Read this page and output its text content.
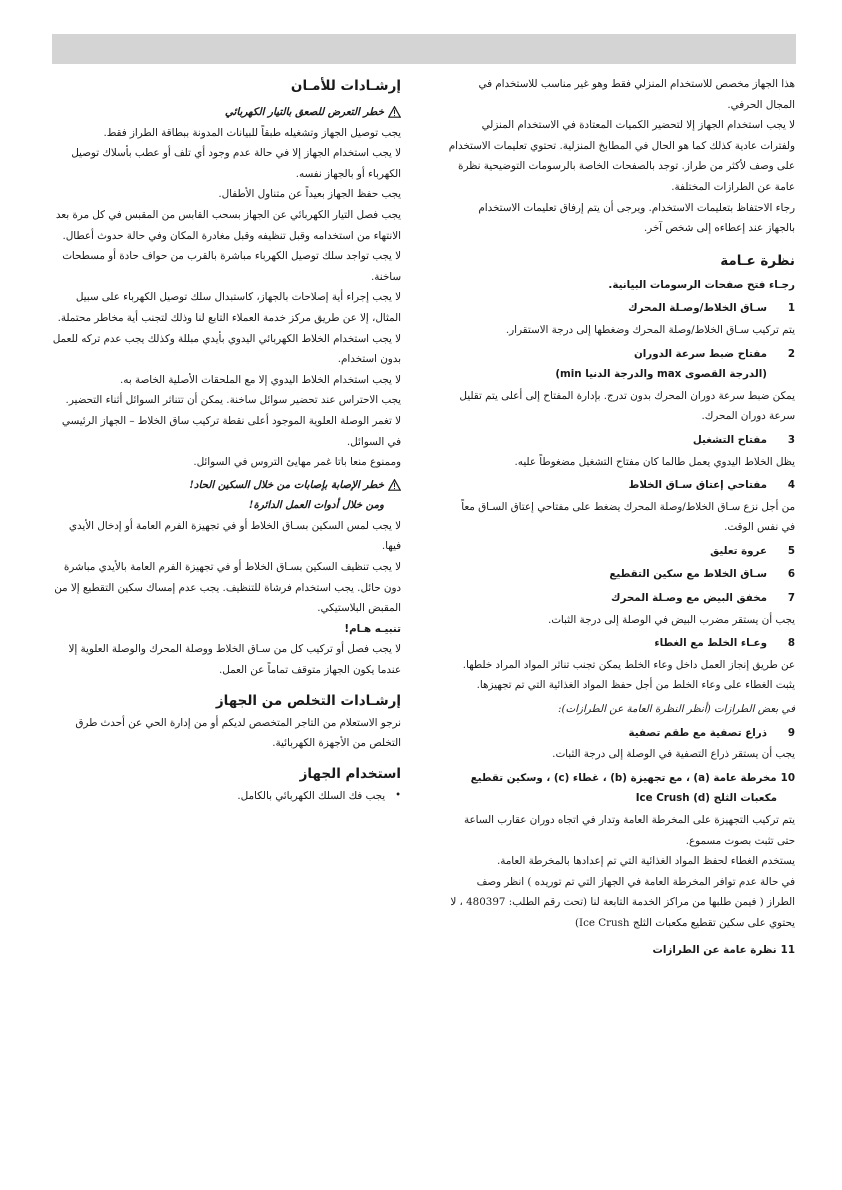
هذا الجهاز مخصص للاستخدام المنزلي فقط وهو غير مناسب للاستخدام في المجال الحرفي.

لا يجب استخدام الجهاز إلا لتحضير الكميات المعتادة في الاستخدام المنزلي ولفترات عادية كذلك كما هو الحال في المطابخ المنزلية. تحتوي تعليمات الاستخدام على وصف لأكثر من طراز. توجد بالصفحات الخاصة بالرسومات التوضيحية نظرة عامة عن الطرازات المختلفة.

رجاء الاحتفاظ بتعليمات الاستخدام. ويرجى أن يتم إرفاق تعليمات الاستخدام بالجهاز عند إعطاءه إلى شخص آخر.

نظرة عـامة

رجـاء فتح صفحات الرسومات البيانية.

1سـاق الخلاط/وصـلة المحرك

يتم تركيب سـاق الخلاط/وصلة المحرك وضغطها إلى درجة الاستقرار.

2مفتاح ضبط سرعة الدوران

(الدرجة القصوى max والدرجة الدنيا min)

يمكن ضبط سرعة دوران المحرك بدون تدرج. بإدارة المفتاح إلى أعلى يتم تقليل سرعة دوران المحرك.

3مفتاح التشغيل

يظل الخلاط اليدوي يعمل طالما كان مفتاح التشغيل مضغوطاً عليه.

4مفتاحي إعتاق سـاق الخلاط

من أجل نزع سـاق الخلاط/وصلة المحرك يضغط على مفتاحي إعتاق السـاق معاً في نفس الوقت.

5عروة تعليق

6سـاق الخلاط مع سكين التقطيع

7مخفق البيض مع وصـلة المحرك

يجب أن يستقر مضرب البيض في الوصلة إلى درجة الثبات.

8وعـاء الخلط مع الغطاء

عن طريق إنجاز العمل داخل وعاء الخلط يمكن تجنب تناثر المواد المراد خلطها. يثبت الغطاء على وعاء الخلط من أجل حفظ المواد الغذائية التي تم تجهيزها.

في بعض الطرازات (أنظر النظرة العامة عن الطرازات):

9ذراع تصفية مع طقم تصفية

يجب أن يستقر ذراع التصفية في الوصلة إلى درجة الثبات.

10مخرطة عامة (a) ، مع تجهيزة (b) ، غطاء (c) ، وسكين تقطيع

مكعبات الثلج Ice Crush (d)

يتم تركيب التجهيزة على المخرطة العامة وتدار في اتجاه دوران عقارب الساعة حتى تثبت بصوت مسموع.

يستخدم الغطاء لحفظ المواد الغذائية التي تم إعدادها بالمخرطة العامة.

في حالة عدم توافر المخرطة العامة في الجهاز التي تم توريده ) انظر وصف الطراز ( فيمن طلبها من مراكز الخدمة التابعة لنا (تحت رقم الطلب: 480397 ، لا يحتوي على سكين تقطيع مكعبات الثلج Ice Crush)

11نظرة عامة عن الطرازات

إرشـادات للأمـان

خطر التعرض للصعق بالتيار الكهربائي

يجب توصيل الجهاز وتشغيله طبقاً للبيانات المدونة ببطاقة الطراز فقط.

لا يجب استخدام الجهاز إلا في حالة عدم وجود أي تلف أو عطب بأسلاك توصيل الكهرباء أو بالجهاز نفسه.

يجب حفظ الجهاز بعيداً عن متناول الأطفال.

يجب فصل التيار الكهربائي عن الجهاز بسحب القابس من المقبس في كل مرة بعد الانتهاء من استخدامه وقبل تنظيفه وقبل مغادرة المكان وفي حالة حدوث أعطال.

لا يجب تواجد سلك توصيل الكهرباء مباشرة بالقرب من حواف حادة أو مسطحات ساخنة.

لا يجب إجراء أية إصلاحات بالجهاز، كاستبدال سلك توصيل الكهرباء على سبيل المثال، إلا عن طريق مركز خدمة العملاء التابع لنا وذلك لتجنب أية مخاطر محتملة.

لا يجب استخدام الخلاط الكهربائي اليدوي بأيدي مبللة وكذلك يجب عدم تركه للعمل بدون استخدام.

لا يجب استخدام الخلاط اليدوي إلا مع الملحقات الأصلية الخاصة به.

يجب الاحتراس عند تحضير سوائل ساخنة. يمكن أن تتناثر السوائل أثناء التحضير.

لا تغمر الوصلة العلوية الموجود أعلى نقطة تركيب ساق الخلاط – الجهاز الرئيسي في السوائل.

وممنوع منعا باتا غمر مهايئ التروس في السوائل.

خطر الإصابة بإصابات من خلال السكين الحاد!

ومن خلال أدوات العمل الدائرة!

لا يجب لمس السكين بسـاق الخلاط أو في تجهيزة الفرم العامة أو إدخال الأيدي فيها.

لا يجب تنظيف السكين بسـاق الخلاط أو في تجهيزة الفرم العامة بالأيدي مباشرة دون حائل. يجب استخدام فرشاة للتنظيف. يجب عدم إمساك سكين التقطيع إلا من المقبض البلاستيكي.

تنبيـه هـام!

لا يجب فصل أو تركيب كل من سـاق الخلاط ووصلة المحرك والوصلة العلوية إلا عندما يكون الجهاز متوقف تماماً عن العمل.

إرشـادات التخلص من الجهاز

نرجو الاستعلام من التاجر المتخصص لديكم أو من إدارة الحي عن أحدث طرق التخلص من الأجهزة الكهربائية.

استخدام الجهاز

•
يجب فك السلك الكهربائي بالكامل.
